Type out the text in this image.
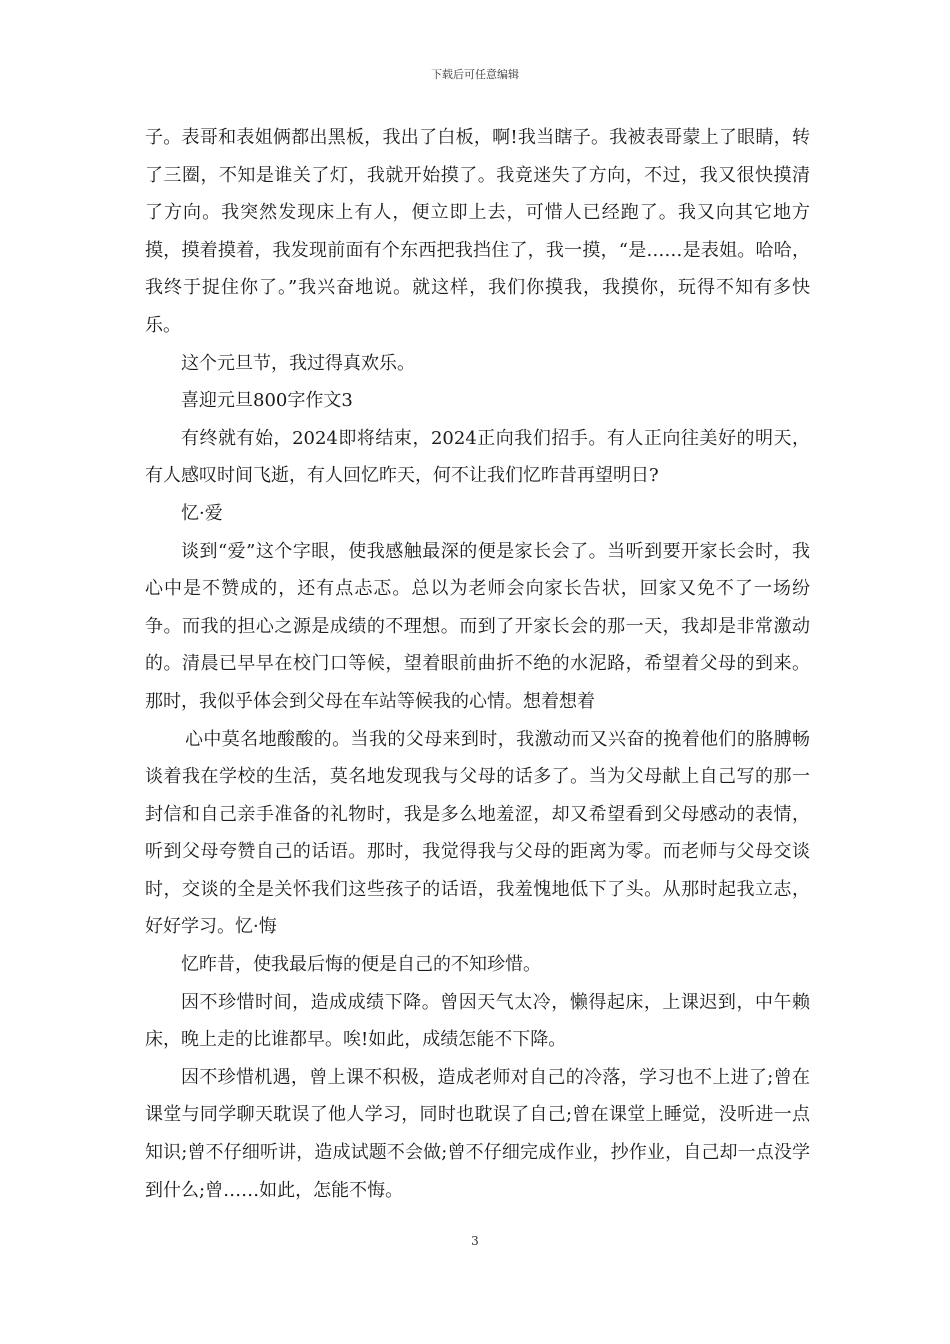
下载后可任意编辑

子。表哥和表姐俩都出黑板，我出了白板，啊!我当瞎子。我被表哥蒙上了眼睛，转了三圈，不知是谁关了灯，我就开始摸了。我竟迷失了方向，不过，我又很快摸清了方向。我突然发现床上有人，便立即上去，可惜人已经跑了。我又向其它地方摸，摸着摸着，我发现前面有个东西把我挡住了，我一摸，“是……是表姐。哈哈，我终于捉住你了。”我兴奋地说。就这样，我们你摸我，我摸你，玩得不知有多快乐。

这个元旦节，我过得真欢乐。

喜迎元旦800字作文3

有终就有始，2024即将结束，2024正向我们招手。有人正向往美好的明天，有人感叹时间飞逝，有人回忆昨天，何不让我们忆昨昔再望明日?

忆·爱

谈到“爱”这个字眼，使我感触最深的便是家长会了。当听到要开家长会时，我心中是不赞成的，还有点忐忑。总以为老师会向家长告状，回家又免不了一场纷争。而我的担心之源是成绩的不理想。而到了开家长会的那一天，我却是非常激动的。清晨已早早在校门口等候，望着眼前曲折不绝的水泥路，希望着父母的到来。那时，我似乎体会到父母在车站等候我的心情。想着想着

心中莫名地酸酸的。当我的父母来到时，我激动而又兴奋的挽着他们的胳膊畅谈着我在学校的生活，莫名地发现我与父母的话多了。当为父母献上自己写的那一封信和自己亲手准备的礼物时，我是多么地羞涩，却又希望看到父母感动的表情，听到父母夸赞自己的话语。那时，我觉得我与父母的距离为零。而老师与父母交谈时，交谈的全是关怀我们这些孩子的话语，我羞愧地低下了头。从那时起我立志，好好学习。忆·悔

忆昨昔，使我最后悔的便是自己的不知珍惜。

因不珍惜时间，造成成绩下降。曾因天气太冷，懒得起床，上课迟到，中午赖床，晚上走的比谁都早。唉!如此，成绩怎能不下降。

因不珍惜机遇，曾上课不积极，造成老师对自己的冷落，学习也不上进了;曾在课堂与同学聊天耽误了他人学习，同时也耽误了自己;曾在课堂上睡觉，没听进一点知识;曾不仔细听讲，造成试题不会做;曾不仔细完成作业，抄作业，自己却一点没学到什么;曾……如此，怎能不悔。

3
